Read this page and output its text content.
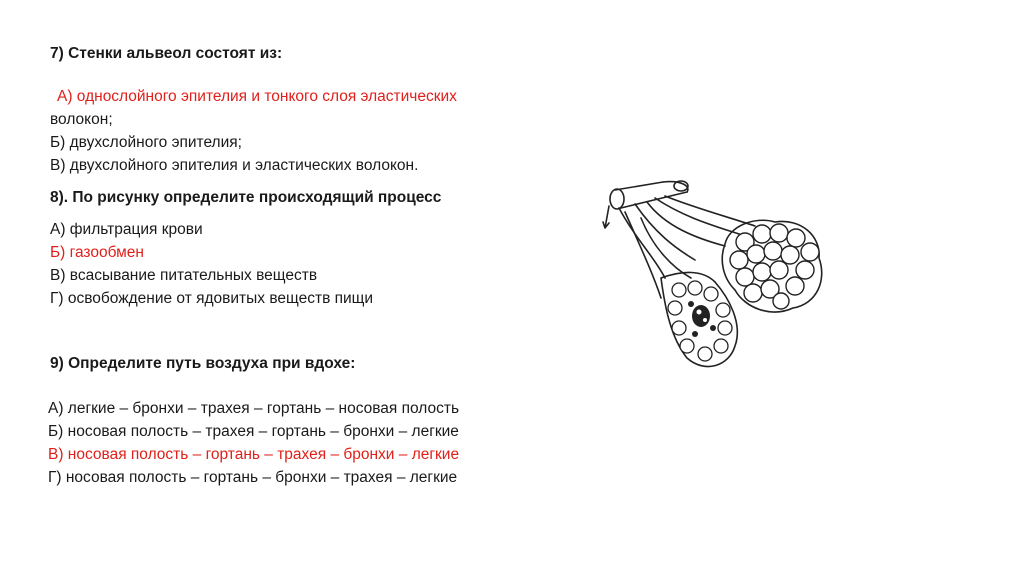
7) Стенки альвеол состоят из:
А) однослойного эпителия и тонкого слоя эластических
волокон;
Б) двухслойного эпителия;
В) двухслойного эпителия и эластических волокон.
8). По рисунку определите происходящий процесс
А) фильтрация крови
Б) газообмен
В) всасывание питательных веществ
Г) освобождение от ядовитых веществ пищи
9) Определите путь воздуха при вдохе:
А) легкие – бронхи – трахея – гортань – носовая полость
Б) носовая полость – трахея – гортань – бронхи – легкие
В) носовая полость – гортань – трахея – бронхи – легкие
Г) носовая полость – гортань – бронхи – трахея – легкие
